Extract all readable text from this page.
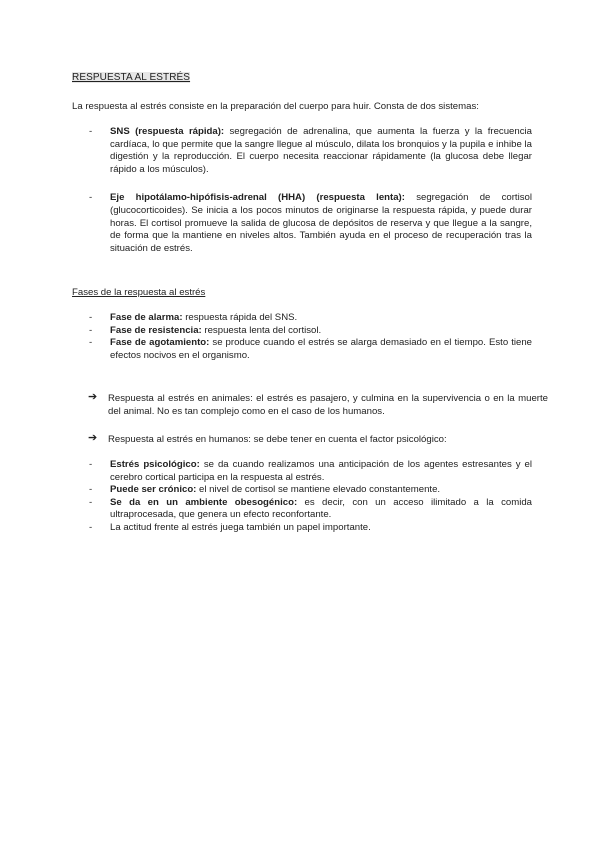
RESPUESTA AL ESTRÉS
La respuesta al estrés consiste en la preparación del cuerpo para huir. Consta de dos sistemas:
- SNS (respuesta rápida): segregación de adrenalina, que aumenta la fuerza y la frecuencia cardíaca, lo que permite que la sangre llegue al músculo, dilata los bronquios y la pupila e inhibe la digestión y la reproducción. El cuerpo necesita reaccionar rápidamente (la glucosa debe llegar rápido a los músculos).
- Eje hipotálamo-hipófisis-adrenal (HHA) (respuesta lenta): segregación de cortisol (glucocorticoides). Se inicia a los pocos minutos de originarse la respuesta rápida, y puede durar horas. El cortisol promueve la salida de glucosa de depósitos de reserva y que llegue a la sangre, de forma que la mantiene en niveles altos. También ayuda en el proceso de recuperación tras la situación de estrés.
Fases de la respuesta al estrés
- Fase de alarma: respuesta rápida del SNS.
- Fase de resistencia: respuesta lenta del cortisol.
- Fase de agotamiento: se produce cuando el estrés se alarga demasiado en el tiempo. Esto tiene efectos nocivos en el organismo.
➔ Respuesta al estrés en animales: el estrés es pasajero, y culmina en la supervivencia o en la muerte del animal. No es tan complejo como en el caso de los humanos.
➔ Respuesta al estrés en humanos: se debe tener en cuenta el factor psicológico:
- Estrés psicológico: se da cuando realizamos una anticipación de los agentes estresantes y el cerebro cortical participa en la respuesta al estrés.
- Puede ser crónico: el nivel de cortisol se mantiene elevado constantemente.
- Se da en un ambiente obesogénico: es decir, con un acceso ilimitado a la comida ultraprocesada, que genera un efecto reconfortante.
- La actitud frente al estrés juega también un papel importante.
